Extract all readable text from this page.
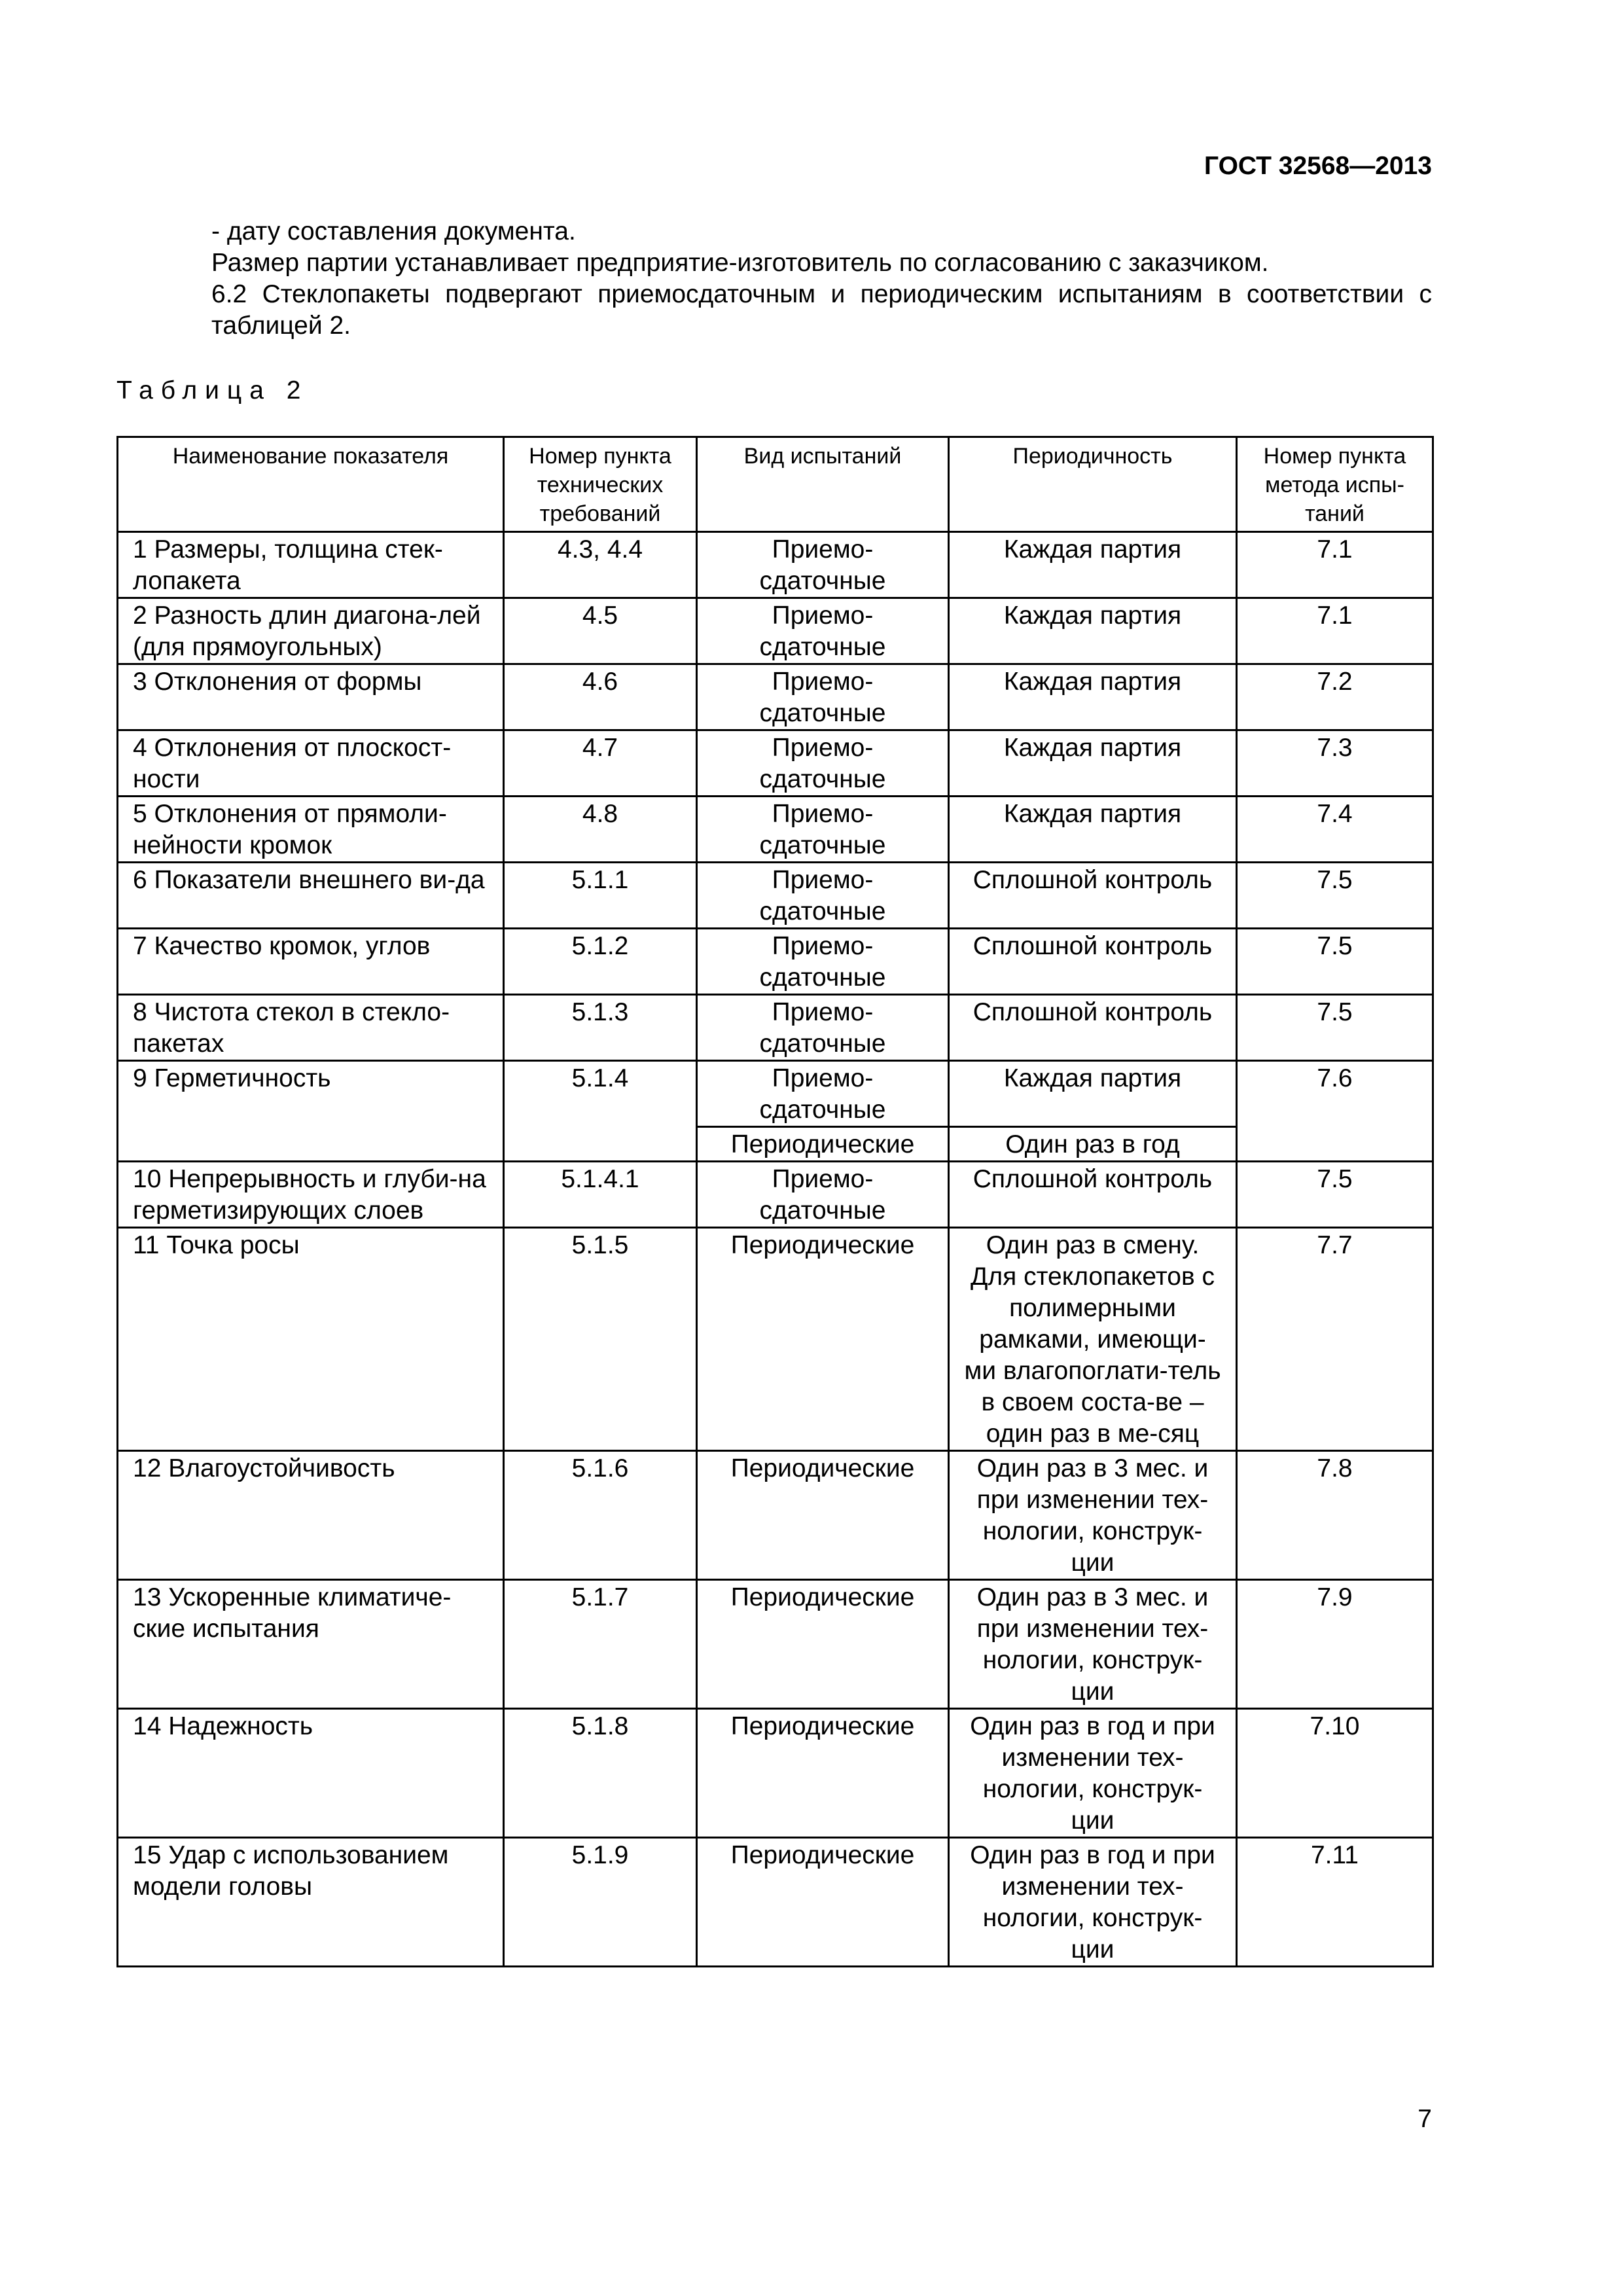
ГОСТ 32568—2013

- дату составления документа.

Размер партии устанавливает предприятие-изготовитель по согласованию с заказчиком.

6.2 Стеклопакеты подвергают приемосдаточным и периодическим испытаниям в соответствии с таблицей 2.

Таблица 2
Наименование показателя	Номер пункта технических требований	Вид испытаний	Периодичность	Номер пункта метода испы-таний
1 Размеры, толщина стек-лопакета	4.3, 4.4	Приемо-сдаточные	Каждая партия	7.1
2 Разность длин диагона-лей (для прямоугольных)	4.5	Приемо-сдаточные	Каждая партия	7.1
3 Отклонения от формы	4.6	Приемо-сдаточные	Каждая партия	7.2
4 Отклонения от плоскост-ности	4.7	Приемо-сдаточные	Каждая партия	7.3
5 Отклонения от прямоли-нейности кромок	4.8	Приемо-сдаточные	Каждая партия	7.4
6 Показатели внешнего ви-да	5.1.1	Приемо-сдаточные	Сплошной контроль	7.5
7 Качество кромок, углов	5.1.2	Приемо-сдаточные	Сплошной контроль	7.5
8 Чистота стекол в стекло-пакетах	5.1.3	Приемо-сдаточные	Сплошной контроль	7.5
9 Герметичность	5.1.4	Приемо-сдаточные	Каждая партия	7.6
		Периодические	Один раз в год	
10 Непрерывность и глуби-на герметизирующих слоев	5.1.4.1	Приемо-сдаточные	Сплошной контроль	7.5
11 Точка росы	5.1.5	Периодические	Один раз в смену. Для стеклопакетов с полимерными рамками, имеющи-ми влагопоглати-тель в своем соста-ве – один раз в ме-сяц	7.7
12 Влагоустойчивость	5.1.6	Периодические	Один раз в 3 мес. и при изменении тех-нологии, конструк-ции	7.8
13 Ускоренные климатиче-ские испытания	5.1.7	Периодические	Один раз в 3 мес. и при изменении тех-нологии, конструк-ции	7.9
14 Надежность	5.1.8	Периодические	Один раз в год и при изменении тех-нологии, конструк-ции	7.10
15 Удар с использованием модели головы	5.1.9	Периодические	Один раз в год и при изменении тех-нологии, конструк-ции	7.11
7
